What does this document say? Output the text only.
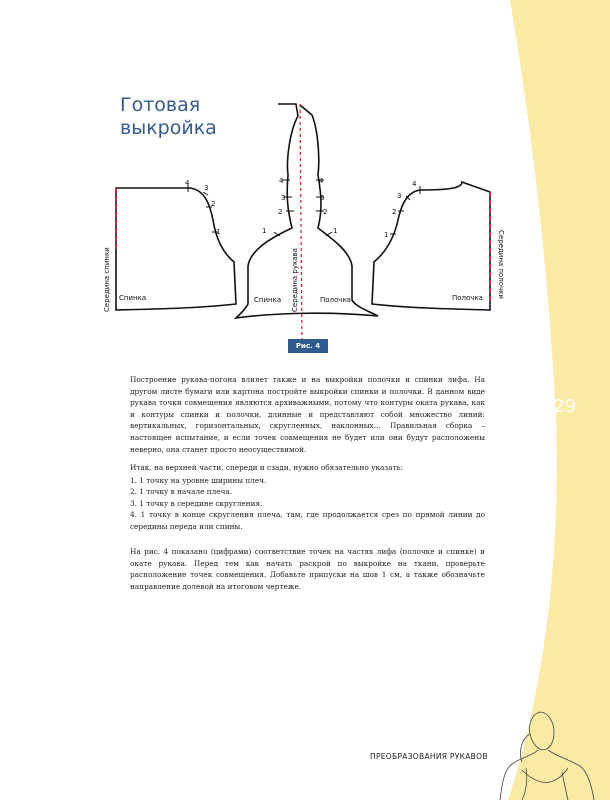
Готовая
выкройка
4
3
2
1
Спинка
Середина спинки
4
3
2
1
4
3
2
1
Спинка	Полочка
Середина рукава
4
3
2
1
Полочка Середина полочки
Рис. 4
129

Построение рукава-погона влияет также и на выкройки полочки и спинки лифа. На другом листе бумаги или картона постройте выкройки спинки и полочки. В данном виде рукава точки совмещения являются архиважными, потому что контуры оката рукава, как и контуры спинки и полочки, длинные и представляют собой множество линий: вертикальных, горизонтальных, скругленных, наклонных… Правильная сборка – настоящее испытание, и если точек совмещения не будет или они будут расположены неверно, она станет просто неосуществимой.

Итак, на верхней части, спереди и сзади, нужно обязательно указать:
1. 1 точку на уровне ширины плеч.
2. 1 точку в начале плеча.
3. 1 точку в середине скругления.
4. 1 точку в конце скругления плеча, там, где продолжается срез по прямой линии до середины переда или спины.

На рис. 4 показано (цифрами) соответствие точек на частях лифа (полочке и спинке) и окате рукава. Перед тем как начать раскрой по выкройке на ткани, проверьте расположение точек совмещения. Добавьте припуски на шов 1 см, а также обозначьте направление долевой на итоговом чертеже.

ПРЕОБРАЗОВАНИЯ РУКАВОВ
